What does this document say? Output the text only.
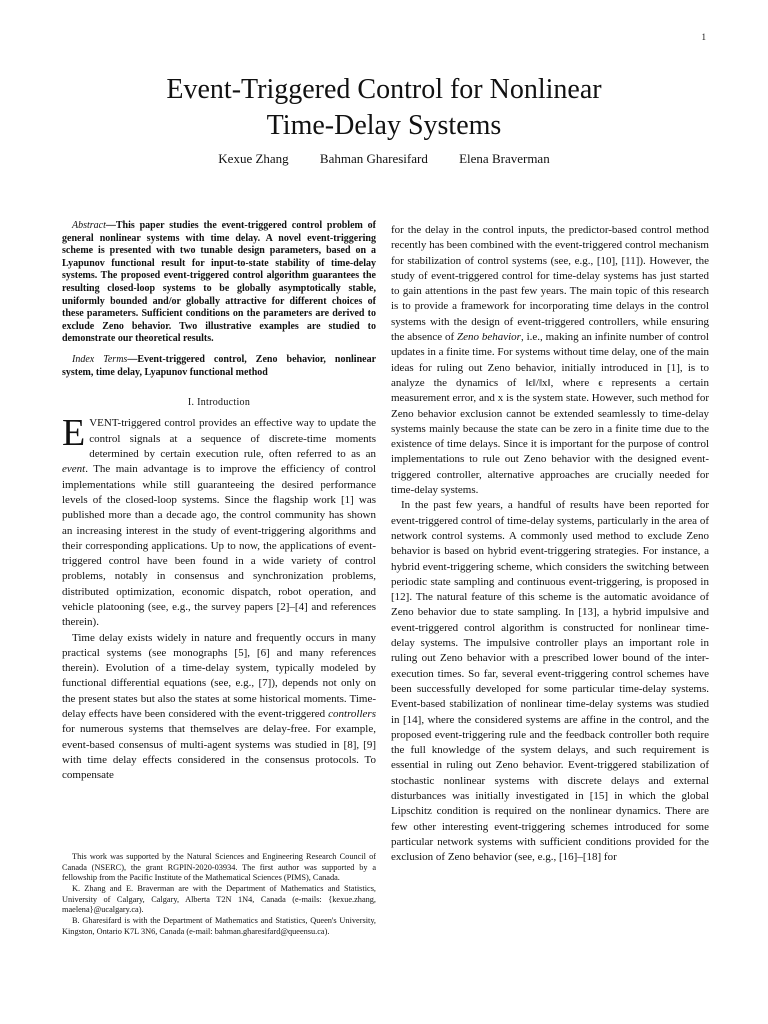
1
Event-Triggered Control for Nonlinear
Time-Delay Systems
Kexue Zhang Bahman Gharesifard Elena Braverman

Abstract—This paper studies the event-triggered control problem of general nonlinear systems with time delay. A novel event-triggering scheme is presented with two tunable design parameters, based on a Lyapunov functional result for input-to-state stability of time-delay systems. The proposed event-triggered control algorithm guarantees the resulting closed-loop systems to be globally asymptotically stable, uniformly bounded and/or globally attractive for different choices of these parameters. Sufficient conditions on the parameters are derived to exclude Zeno behavior. Two illustrative examples are studied to demonstrate our theoretical results.

Index Terms—Event-triggered control, Zeno behavior, nonlinear system, time delay, Lyapunov functional method

I. Introduction

EVENT-triggered control provides an effective way to update the control signals at a sequence of discrete-time moments determined by certain execution rule, often referred to as an event. The main advantage is to improve the efficiency of control implementations while still guaranteeing the desired performance levels of the closed-loop systems. Since the flagship work [1] was published more than a decade ago, the control community has shown an increasing interest in the study of event-triggering algorithms and their corresponding applications. Up to now, the applications of event-triggered control have been found in a wide variety of control problems, notably in consensus and synchronization problems, distributed optimization, economic dispatch, robot operation, and vehicle platooning (see, e.g., the survey papers [2]–[4] and references therein).

Time delay exists widely in nature and frequently occurs in many practical systems (see monographs [5], [6] and many references therein). Evolution of a time-delay system, typically modeled by functional differential equations (see, e.g., [7]), depends not only on the present states but also the states at some historical moments. Time-delay effects have been considered with the event-triggered controllers for numerous systems that themselves are delay-free. For example, event-based consensus of multi-agent systems was studied in [8], [9] with time delay effects considered in the consensus protocols. To compensate

This work was supported by the Natural Sciences and Engineering Research Council of Canada (NSERC), the grant RGPIN-2020-03934. The first author was supported by a fellowship from the Pacific Institute of the Mathematical Sciences (PIMS), Canada.

K. Zhang and E. Braverman are with the Department of Mathematics and Statistics, University of Calgary, Calgary, Alberta T2N 1N4, Canada (e-mails: {kexue.zhang, maelena}@ucalgary.ca).

B. Gharesifard is with the Department of Mathematics and Statistics, Queen's University, Kingston, Ontario K7L 3N6, Canada (e-mail: bahman.gharesifard@queensu.ca).

for the delay in the control inputs, the predictor-based control method recently has been combined with the event-triggered control mechanism for stabilization of control systems (see, e.g., [10], [11]). However, the study of event-triggered control for time-delay systems has just started to gain attentions in the past few years. The main topic of this research is to provide a framework for incorporating time delays in the control systems with the design of event-triggered controllers, while ensuring the absence of Zeno behavior, i.e., making an infinite number of control updates in a finite time. For systems without time delay, one of the main ideas for ruling out Zeno behavior, initially introduced in [1], is to analyze the dynamics of ‖ϵ‖/‖x‖, where ϵ represents a certain measurement error, and x is the system state. However, such method for Zeno behavior exclusion cannot be extended seamlessly to time-delay systems mainly because the state can be zero in a finite time due to the existence of time delays. Since it is important for the purpose of control implementations to rule out Zeno behavior with the designed event-triggered controller, alternative approaches are crucially needed for time-delay systems.

In the past few years, a handful of results have been reported for event-triggered control of time-delay systems, particularly in the area of network control systems. A commonly used method to exclude Zeno behavior is based on hybrid event-triggering strategies. For instance, a hybrid event-triggering scheme, which considers the switching between periodic state sampling and continuous event-triggering, is proposed in [12]. The natural feature of this scheme is the automatic avoidance of Zeno behavior due to state sampling. In [13], a hybrid impulsive and event-triggered control algorithm is constructed for nonlinear time-delay systems. The impulsive controller plays an important role in ruling out Zeno behavior with a prescribed lower bound of the inter-execution times. So far, several event-triggering control schemes have been successfully developed for some particular time-delay systems. Event-based stabilization of nonlinear time-delay systems was studied in [14], where the considered systems are affine in the control, and the proposed event-triggering rule and the feedback controller both require the full knowledge of the system delays, and such requirement is essential in ruling out Zeno behavior. Event-triggered stabilization of stochastic nonlinear systems with discrete delays and external disturbances was initially investigated in [15] in which the global Lipschitz condition is required on the nonlinear dynamics. There are few other interesting event-triggering schemes introduced for some particular network systems with sufficient conditions provided for the exclusion of Zeno behavior (see, e.g., [16]–[18] for
